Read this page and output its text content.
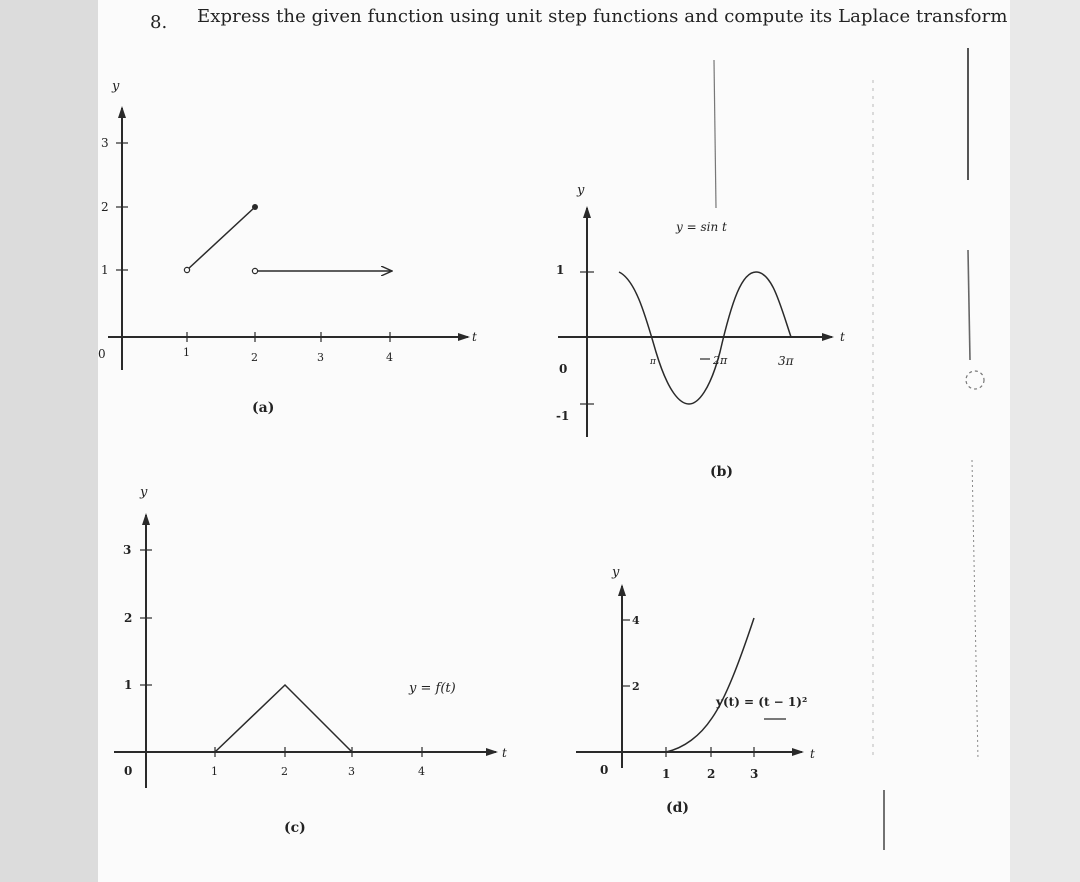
8. Express the given function using unit step functions and compute its Laplace transform
y
t
1
2
3
0	1	2	3	4
(a)
y
t
1
0
-1
π	2π	3π
y = sin t
(b)
y
t
1
2
3
0	1	2	3	4
y = f(t)
(c)
y
t
2
4
0	1	2	3
y(t) = (t − 1)²
(d)
